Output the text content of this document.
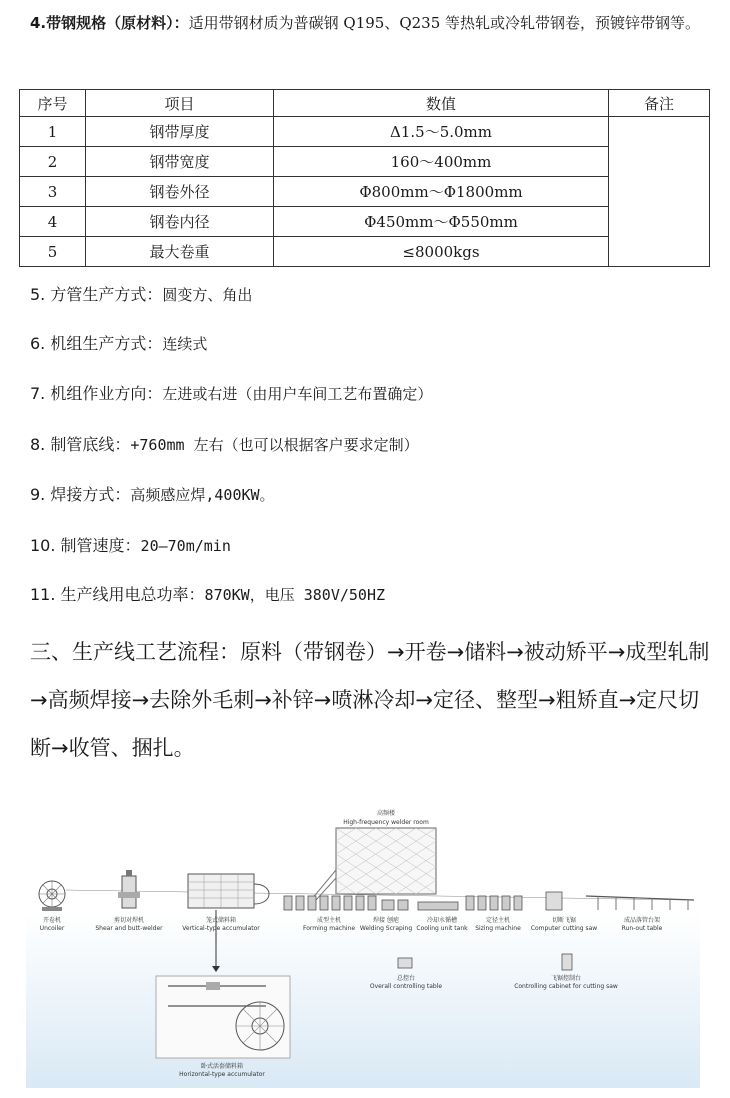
4.带钢规格（原材料）：适用带钢材质为普碳钢 Q195、Q235 等热轧或冷轧带钢卷，预镀锌带钢等。
序号	项目	数值	备注
1	钢带厚度	Δ1.5～5.0mm	
2	钢带宽度	160～400mm	
3	钢卷外径	Φ800mm～Φ1800mm	
4	钢卷内径	Φ450mm～Φ550mm	
5	最大卷重	≤8000kgs	
5. 方管生产方式：圆变方、角出
6. 机组生产方式：连续式
7. 机组作业方向：左进或右进（由用户车间工艺布置确定）
8. 制管底线：+760mm 左右（也可以根据客户要求定制）
9. 焊接方式：高频感应焊,400KW。
10. 制管速度：20—70m/min
11. 生产线用电总功率：870KW，电压 380V/50HZ
三、生产线工艺流程：原料（带钢卷）→开卷→储料→被动矫平→成型轧制→高频焊接→去除外毛刺→补锌→喷淋冷却→定径、整型→粗矫直→定尺切断→收管、捆扎。
高频楼
High-frequency welder room
开卷机
Uncoiler
剪切对焊机
Shear and butt-welder
笼式储料箱
Vertical-type accumulator
成型主机
Forming machine
焊接 刨疤
Welding Scraping
冷却水循槽
Cooling unit tank
定径主机
Sizing machine
切断飞锯
Computer cutting saw
成品落管台架
Run-out table
总控台
Overall controlling table
飞锯控制台
Controlling cabinet for cutting saw
卧式活套储料箱
Horizontal-type accumulator
